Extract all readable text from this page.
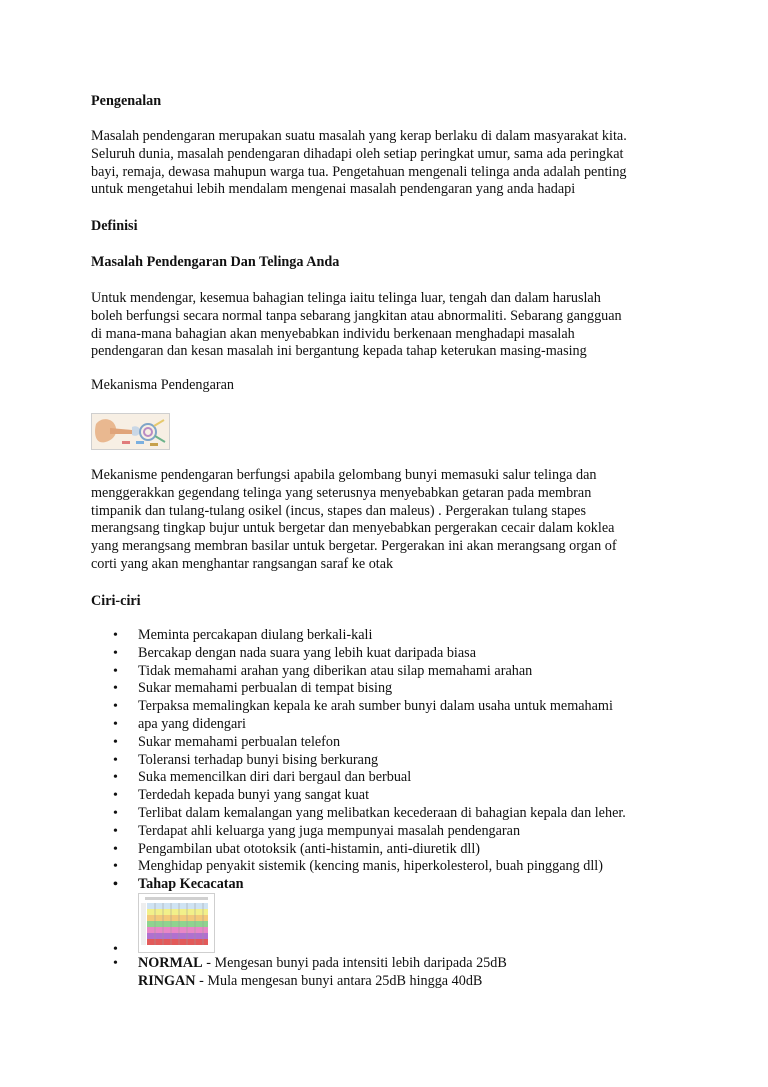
Pengenalan
Masalah pendengaran merupakan suatu masalah yang kerap berlaku di dalam masyarakat kita.
Seluruh dunia, masalah pendengaran dihadapi oleh setiap peringkat umur, sama ada peringkat
bayi, remaja, dewasa mahupun warga tua. Pengetahuan mengenali telinga anda adalah penting
untuk mengetahui lebih mendalam mengenai masalah pendengaran yang anda hadapi
Definisi
Masalah Pendengaran Dan Telinga Anda
Untuk mendengar, kesemua bahagian telinga iaitu telinga luar, tengah dan dalam haruslah
boleh berfungsi secara normal tanpa sebarang jangkitan atau abnormaliti. Sebarang gangguan
di mana-mana bahagian akan menyebabkan individu berkenaan menghadapi masalah
pendengaran dan kesan masalah ini bergantung kepada tahap keterukan masing-masing
Mekanisma Pendengaran
Mekanisme pendengaran berfungsi apabila gelombang bunyi memasuki salur telinga dan
menggerakkan gegendang telinga yang seterusnya menyebabkan getaran pada membran
timpanik dan tulang-tulang osikel (incus, stapes dan maleus) . Pergerakan tulang stapes
merangsang tingkap bujur untuk bergetar dan menyebabkan pergerakan cecair dalam koklea
yang merangsang membran basilar untuk bergetar. Pergerakan ini akan merangsang organ of
corti yang akan menghantar rangsangan saraf ke otak
Ciri-ciri
• Meminta percakapan diulang berkali-kali
• Bercakap dengan nada suara yang lebih kuat daripada biasa
• Tidak memahami arahan yang diberikan atau silap memahami arahan
• Sukar memahami perbualan di tempat bising
• Terpaksa memalingkan kepala ke arah sumber bunyi dalam usaha untuk memahami
• apa yang didengari
• Sukar memahami perbualan telefon
• Toleransi terhadap bunyi bising berkurang
• Suka memencilkan diri dari bergaul dan berbual
• Terdedah kepada bunyi yang sangat kuat
• Terlibat dalam kemalangan yang melibatkan kecederaan di bahagian kepala dan leher.
• Terdapat ahli keluarga yang juga mempunyai masalah pendengaran
• Pengambilan ubat ototoksik (anti-histamin, anti-diuretik dll)
• Menghidap penyakit sistemik (kencing manis, hiperkolesterol, buah pinggang dll)
• Tahap Kecacatan
•
• NORMAL - Mengesan bunyi pada intensiti lebih daripada 25dB
RINGAN - Mula mengesan bunyi antara 25dB hingga 40dB
